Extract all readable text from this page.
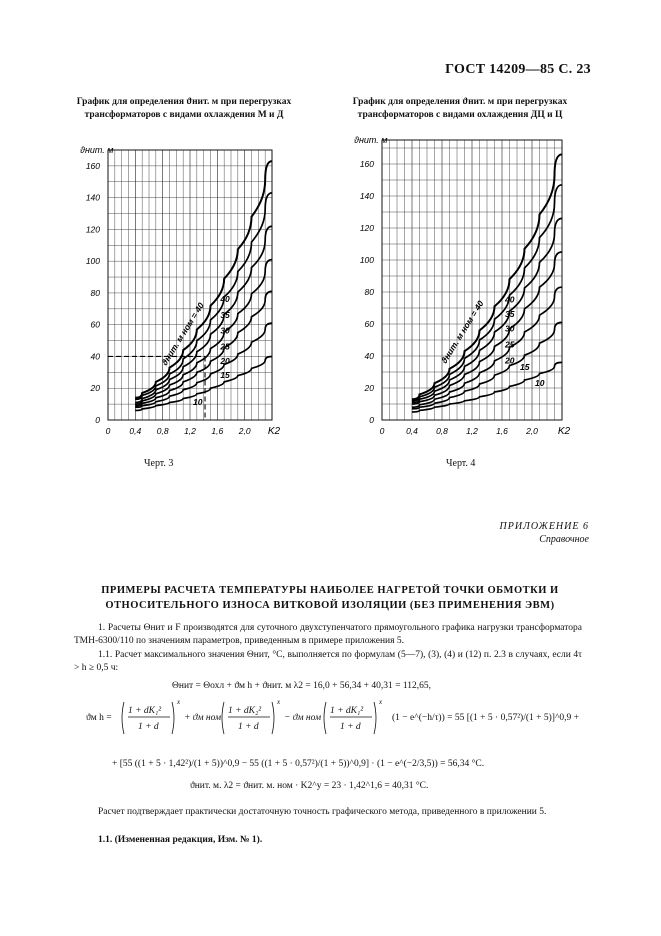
ГОСТ 14209—85 С. 23
График для определения ϑнит. м при перегрузках
трансформаторов с видами охлаждения М и Д
График для определения ϑнит. м при перегрузках
трансформаторов с видами охлаждения ДЦ и Ц
0
20
40
60
80
100
120
140
160
0 0,4 0,8 1,2 1,6 2,0 K2
ϑнит. м
40
35
30
25
20
15
10
ϑнит. м ном = 40
0
20
40
60
80
100
120
140
160
0	0,4 0,8 1,2 1,6 2,0 K2
ϑнит. м
40
35
30
25
20
15
10
ϑнит. м ном = 40
Черт. 3	Черт. 4
ПРИЛОЖЕНИЕ 6
Справочное
ПРИМЕРЫ РАСЧЕТА ТЕМПЕРАТУРЫ НАИБОЛЕЕ НАГРЕТОЙ ТОЧКИ ОБМОТКИ И
ОТНОСИТЕЛЬНОГО ИЗНОСА ВИТКОВОЙ ИЗОЛЯЦИИ (БЕЗ ПРИМЕНЕНИЯ ЭВМ)
1. Расчеты Θнит и F производятся для суточного двухступенчатого прямоугольного графика нагрузки трансформатора ТМН-6300/110 по значениям параметров, приведенным в примере приложения 5.
1.1. Расчет максимального значения Θнит, °С, выполняется по формулам (5—7), (3), (4) и (12) п. 2.3 в случаях, если 4τ > h ≥ 0,5 ч:
Θнит = Θохл + ϑм h + ϑнит. м λ2 = 16,0 + 56,34 + 40,31 = 112,65,
ϑм h =
1 + dK₁²
1 + d
x
+ ϑм ном
1 + dK₂²
1 + d
x
− ϑм ном
1 + dK₁²
1 + d
x
(1 − e^(−h/τ)) = 55 [(1 + 5 · 0,57²)/(1 + 5)]^0,9 +
+ [55 ((1 + 5 · 1,42²)/(1 + 5))^0,9 − 55 ((1 + 5 · 0,57²)/(1 + 5))^0,9] · (1 − e^(−2/3,5)) = 56,34 °С.
ϑнит. м. λ2 = ϑнит. м. ном · K2^y = 23 · 1,42^1,6 = 40,31 °С.
Расчет подтверждает практически достаточную точность графического метода, приведенного в приложении 5.
1.1. (Измененная редакция, Изм. № 1).
